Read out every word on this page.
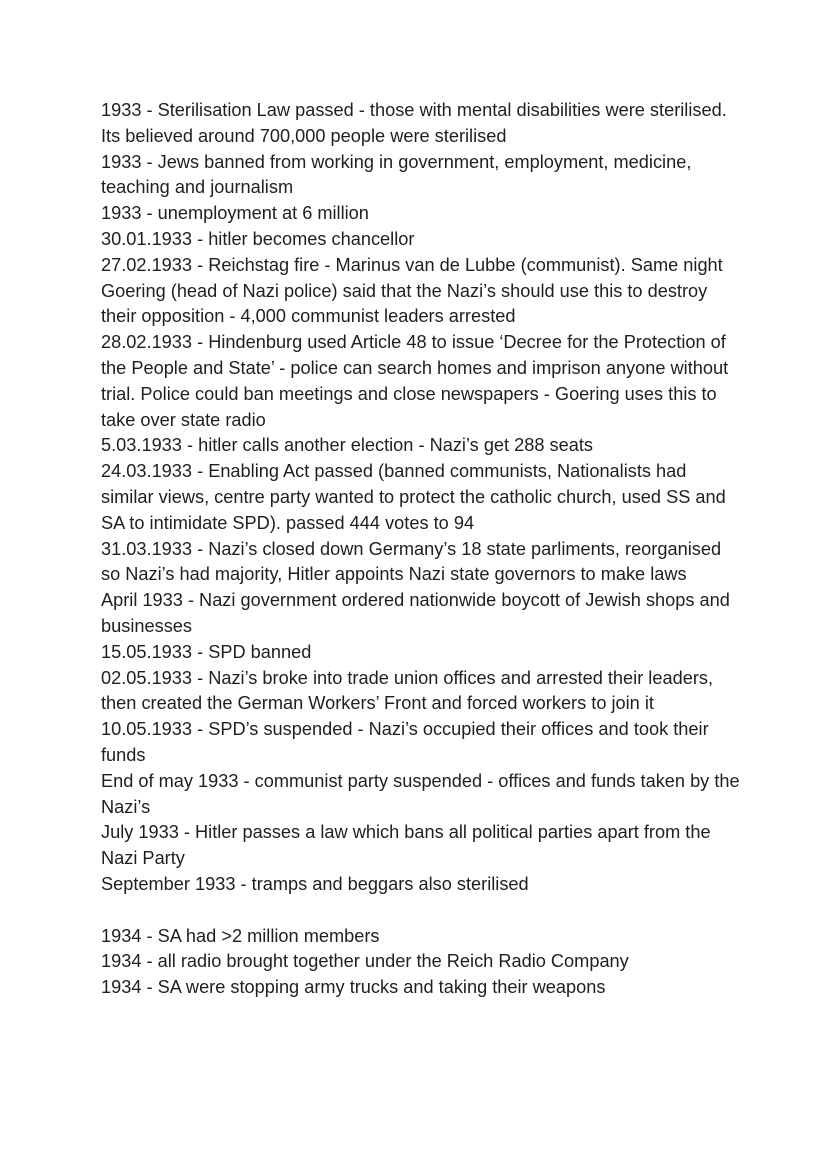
1933 - Sterilisation Law passed - those with mental disabilities were sterilised. Its believed around 700,000 people were sterilised

1933 - Jews banned from working in government, employment, medicine, teaching and journalism

1933 - unemployment at 6 million

30.01.1933 - hitler becomes chancellor

27.02.1933 - Reichstag fire - Marinus van de Lubbe (communist). Same night Goering (head of Nazi police) said that the Nazi’s should use this to destroy their opposition - 4,000 communist leaders arrested

28.02.1933 - Hindenburg used Article 48 to issue ‘Decree for the Protection of the People and State’ - police can search homes and imprison anyone without trial. Police could ban meetings and close newspapers - Goering uses this to take over state radio

5.03.1933 - hitler calls another election - Nazi’s get 288 seats

24.03.1933 - Enabling Act passed (banned communists, Nationalists had similar views, centre party wanted to protect the catholic church, used SS and SA to intimidate SPD). passed 444 votes to 94

31.03.1933 - Nazi’s closed down Germany’s 18 state parliments, reorganised so Nazi’s had majority, Hitler appoints Nazi state governors to make laws

April 1933 - Nazi government ordered nationwide boycott of Jewish shops and businesses

15.05.1933 - SPD banned

02.05.1933 - Nazi’s broke into trade union offices and arrested their leaders, then created the German Workers’ Front and forced workers to join it

10.05.1933 - SPD’s suspended - Nazi’s occupied their offices and took their funds

End of may 1933 - communist party suspended - offices and funds taken by the Nazi’s

July 1933 - Hitler passes a law which bans all political parties apart from the Nazi Party

September 1933 - tramps and beggars also sterilised

1934 - SA had >2 million members

1934 - all radio brought together under the Reich Radio Company

1934 - SA were stopping army trucks and taking their weapons
